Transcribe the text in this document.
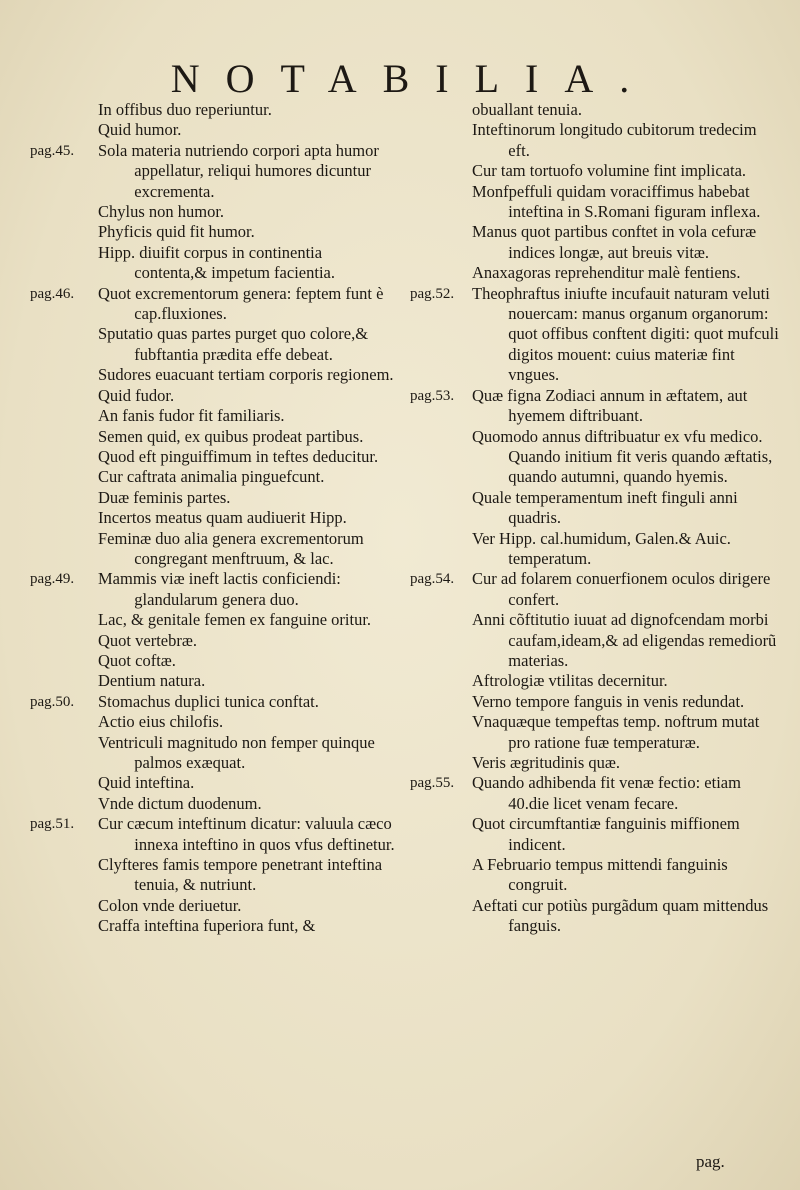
NOTABILIA.
In offibus duo reperiuntur.
Quid humor.
pag.45.	Sola materia nutriendo corpori apta humor appellatur, reliqui humores dicuntur excrementa.
Chylus non humor.
Phyficis quid fit humor.
Hipp. diuifit corpus in continentia contenta,& impetum facientia.
pag.46.	Quot excrementorum genera: feptem funt è cap.fluxiones.
Sputatio quas partes purget quo colore,& fubftantia prædita effe debeat.
Sudores euacuant tertiam corporis regionem.
Quid fudor.
An fanis fudor fit familiaris.
Semen quid, ex quibus prodeat partibus.
Quod eft pinguiffimum in teftes deducitur.
Cur caftrata animalia pinguefcunt.
Duæ feminis partes.
Incertos meatus quam audiuerit Hipp.
Feminæ duo alia genera excrementorum congregant menftruum, & lac.
pag.49.	Mammis viæ ineft lactis conficiendi: glandularum genera duo.
Lac, & genitale femen ex fanguine oritur.
Quot vertebræ.
Quot coftæ.
Dentium natura.
pag.50.	Stomachus duplici tunica conftat.
Actio eius chilofis.
Ventriculi magnitudo non femper quinque palmos exæquat.
Quid inteftina.
Vnde dictum duodenum.
pag.51.	Cur cæcum inteftinum dicatur: valuula cæco innexa inteftino in quos vfus deftinetur.
Clyfteres famis tempore penetrant inteftina tenuia, & nutriunt.
Colon vnde deriuetur.
Craffa inteftina fuperiora funt, &
obuallant tenuia.
Inteftinorum longitudo cubitorum tredecim eft.
Cur tam tortuofo volumine fint implicata.
Monfpeffuli quidam voraciffimus habebat inteftina in S.Romani figuram inflexa.
Manus quot partibus conftet in vola cefuræ indices longæ, aut breuis vitæ.
Anaxagoras reprehenditur malè fentiens.
pag.52.	Theophraftus iniufte incufauit naturam veluti nouercam: manus organum organorum: quot offibus conftent digiti: quot mufculi digitos mouent: cuius materiæ fint vngues.
pag.53.	Quæ figna Zodiaci annum in æftatem, aut hyemem diftribuant.
Quomodo annus diftribuatur ex vfu medico. Quando initium fit veris quando æftatis, quando autumni, quando hyemis.
Quale temperamentum ineft finguli anni quadris.
Ver Hipp. cal.humidum, Galen.& Auic. temperatum.
pag.54.	Cur ad folarem conuerfionem oculos dirigere confert.
Anni cõftitutio iuuat ad dignofcendam morbi caufam,ideam,& ad eligendas remediorũ materias.
Aftrologiæ vtilitas decernitur.
Verno tempore fanguis in venis redundat.
Vnaquæque tempeftas temp. noftrum mutat pro ratione fuæ temperaturæ.
Veris ægritudinis quæ.
pag.55.	Quando adhibenda fit venæ fectio: etiam 40.die licet venam fecare.
Quot circumftantiæ fanguinis miffionem indicent.
A Februario tempus mittendi fanguinis congruit.
Aeftati cur potiùs purgãdum quam mittendus fanguis.
pag.
